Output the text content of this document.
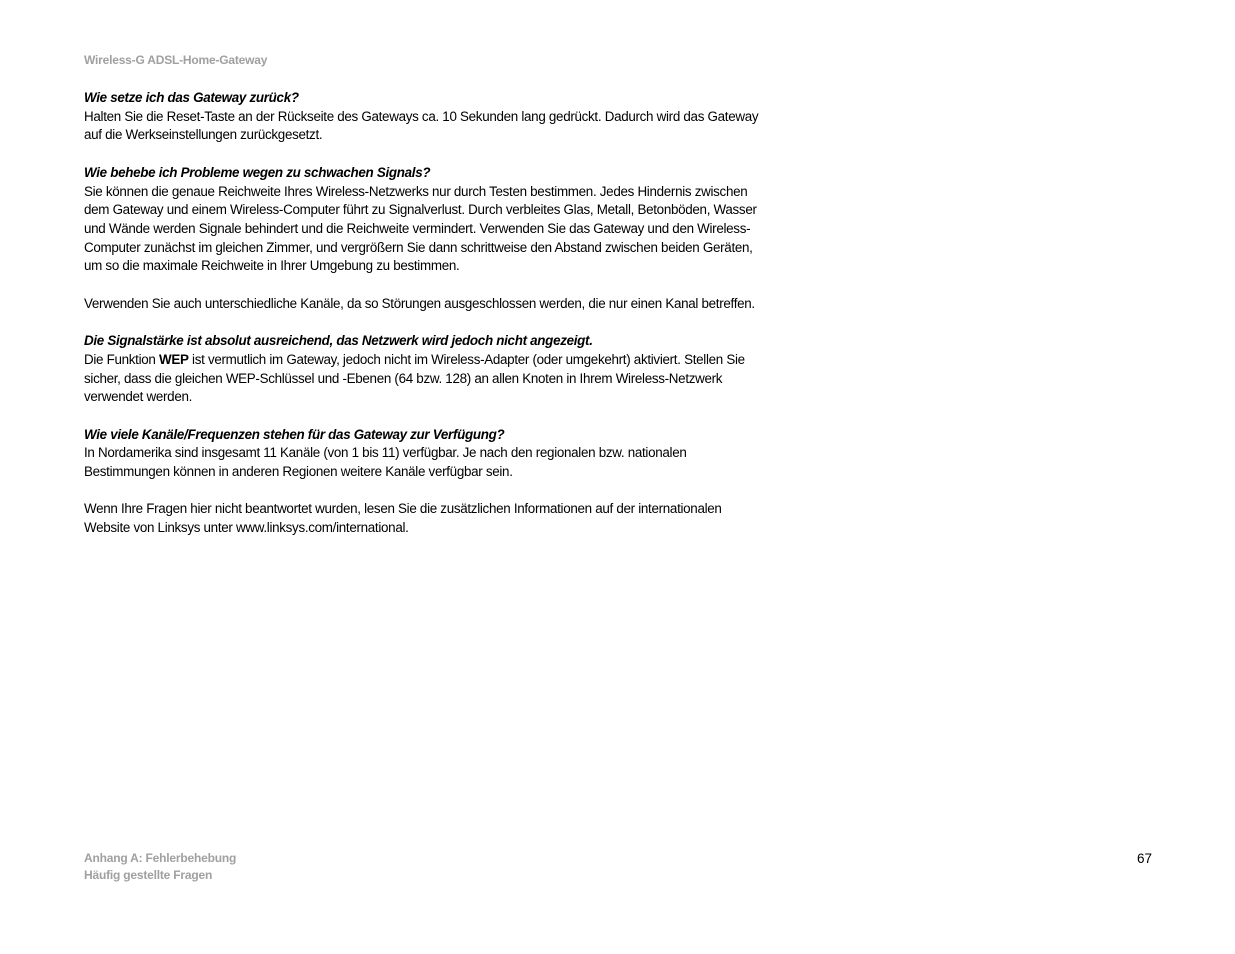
Wireless-G ADSL-Home-Gateway

Wie setze ich das Gateway zurück?
Halten Sie die Reset-Taste an der Rückseite des Gateways ca. 10 Sekunden lang gedrückt. Dadurch wird das Gateway auf die Werkseinstellungen zurückgesetzt.

Wie behebe ich Probleme wegen zu schwachen Signals?
Sie können die genaue Reichweite Ihres Wireless-Netzwerks nur durch Testen bestimmen. Jedes Hindernis zwischen dem Gateway und einem Wireless-Computer führt zu Signalverlust. Durch verbleites Glas, Metall, Betonböden, Wasser und Wände werden Signale behindert und die Reichweite vermindert. Verwenden Sie das Gateway und den Wireless-Computer zunächst im gleichen Zimmer, und vergrößern Sie dann schrittweise den Abstand zwischen beiden Geräten, um so die maximale Reichweite in Ihrer Umgebung zu bestimmen.

Verwenden Sie auch unterschiedliche Kanäle, da so Störungen ausgeschlossen werden, die nur einen Kanal betreffen.

Die Signalstärke ist absolut ausreichend, das Netzwerk wird jedoch nicht angezeigt.
Die Funktion WEP ist vermutlich im Gateway, jedoch nicht im Wireless-Adapter (oder umgekehrt) aktiviert. Stellen Sie sicher, dass die gleichen WEP-Schlüssel und -Ebenen (64 bzw. 128) an allen Knoten in Ihrem Wireless-Netzwerk verwendet werden.

Wie viele Kanäle/Frequenzen stehen für das Gateway zur Verfügung?
In Nordamerika sind insgesamt 11 Kanäle (von 1 bis 11) verfügbar. Je nach den regionalen bzw. nationalen Bestimmungen können in anderen Regionen weitere Kanäle verfügbar sein.

Wenn Ihre Fragen hier nicht beantwortet wurden, lesen Sie die zusätzlichen Informationen auf der internationalen Website von Linksys unter www.linksys.com/international.

Anhang A: Fehlerbehebung
Häufig gestellte Fragen
67
